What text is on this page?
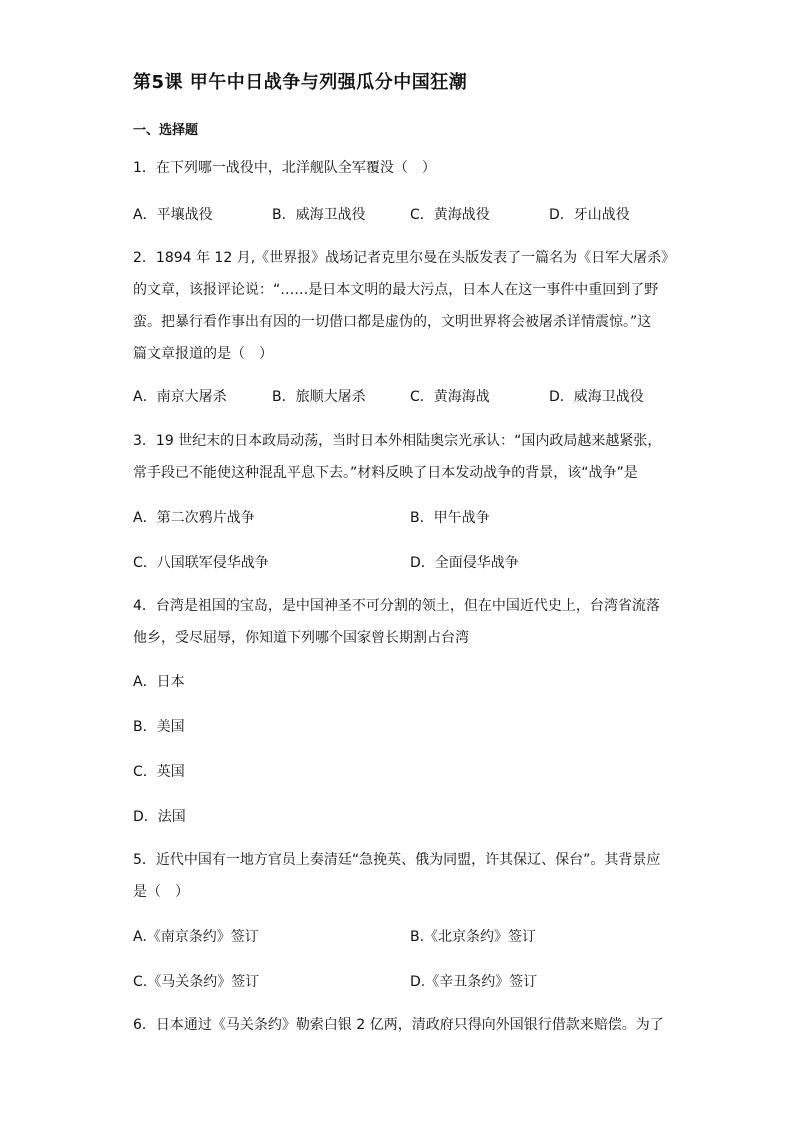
第5课 甲午中日战争与列强瓜分中国狂潮
一、选择题
1．在下列哪一战役中，北洋舰队全军覆没（　）
A．平壤战役	B．威海卫战役	C．黄海战役	D．牙山战役
2．1894 年 12 月,《世界报》战场记者克里尔曼在头版发表了一篇名为《日军大屠杀》
的文章，该报评论说：“……是日本文明的最大污点，日本人在这一事件中重回到了野
蛮。把暴行看作事出有因的一切借口都是虚伪的，文明世界将会被屠杀详情震惊。”这
篇文章报道的是（　）
A．南京大屠杀	B．旅顺大屠杀	C．黄海海战	D．威海卫战役
3．19 世纪末的日本政局动荡，当时日本外相陆奥宗光承认：“国内政局越来越紧张，
常手段已不能使这种混乱平息下去。”材料反映了日本发动战争的背景，该“战争”是
A．第二次鸦片战争	B．甲午战争
C．八国联军侵华战争	D．全面侵华战争
4．台湾是祖国的宝岛，是中国神圣不可分割的领土，但在中国近代史上，台湾省流落
他乡，受尽屈辱，你知道下列哪个国家曾长期割占台湾
A．日本
B．美国
C．英国
D．法国
5．近代中国有一地方官员上奏清廷“急挽英、俄为同盟，许其保辽、保台”。其背景应
是（　）
A.《南京条约》签订	B.《北京条约》签订
C.《马关条约》签订	D.《辛丑条约》签订
6．日本通过《马关条约》勒索白银 2 亿两，清政府只得向外国银行借款来赔偿。为了
